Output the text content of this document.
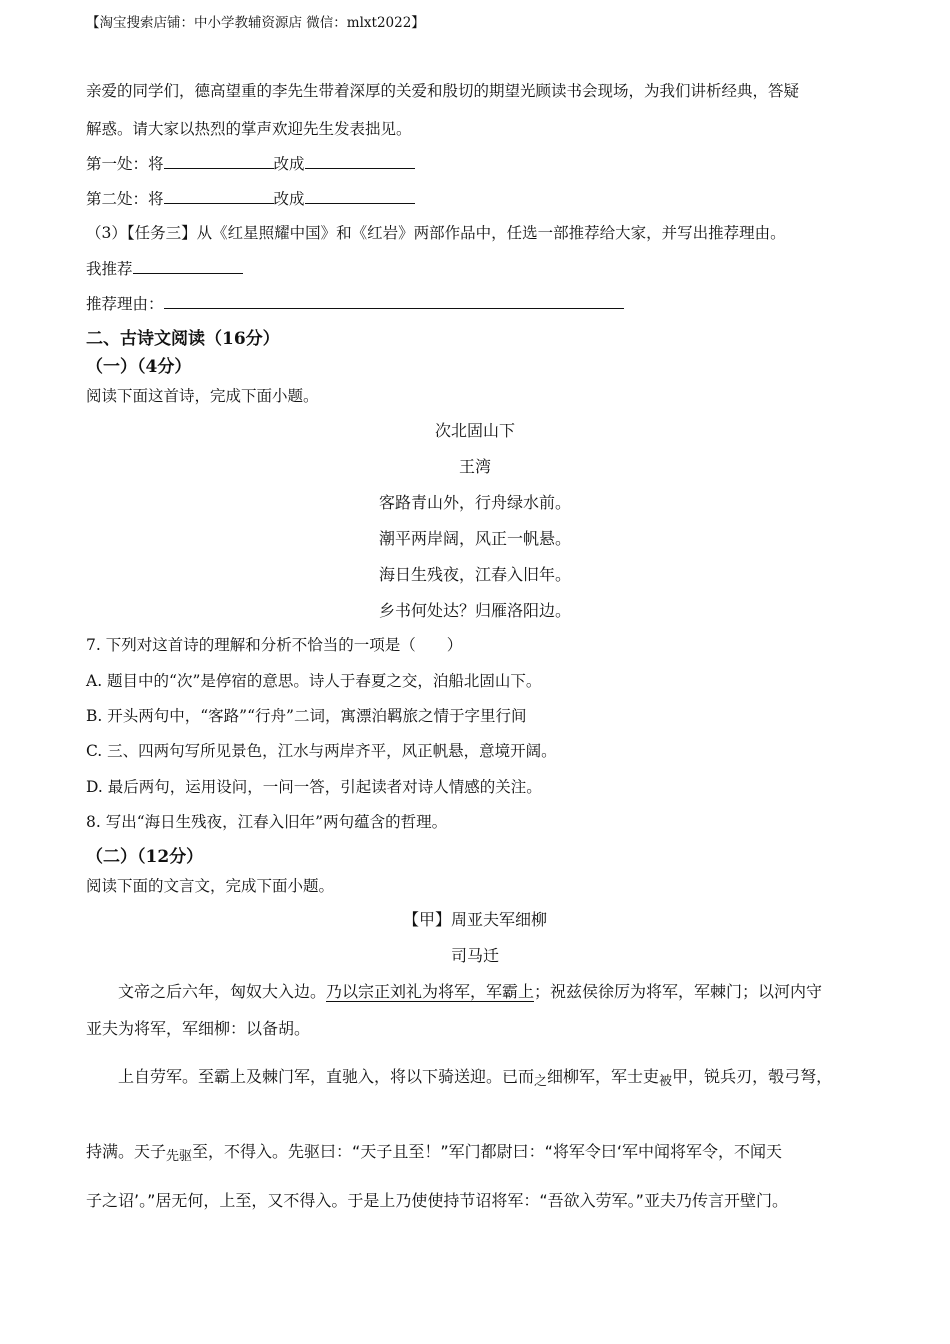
【淘宝搜索店铺：中小学教辅资源店 微信：mlxt2022】
亲爱的同学们，德高望重的李先生带着深厚的关爱和殷切的期望光顾读书会现场，为我们讲析经典，答疑
解惑。请大家以热烈的掌声欢迎先生发表拙见。
第一处：将	改成
第二处：将	改成
（3）【任务三】从《红星照耀中国》和《红岩》两部作品中，任选一部推荐给大家，并写出推荐理由。
我推荐
推荐理由：
二、古诗文阅读（16分）
（一）（4分）
阅读下面这首诗，完成下面小题。
次北固山下
王湾
客路青山外，行舟绿水前。
潮平两岸阔，风正一帆悬。
海日生残夜，江春入旧年。
乡书何处达？归雁洛阳边。
7. 下列对这首诗的理解和分析不恰当的一项是（　　）
A. 题目中的“次”是停宿的意思。诗人于春夏之交，泊船北固山下。
B. 开头两句中，“客路”“行舟”二词，寓漂泊羁旅之情于字里行间
C. 三、四两句写所见景色，江水与两岸齐平，风正帆悬，意境开阔。
D. 最后两句，运用设问，一问一答，引起读者对诗人情感的关注。
8. 写出“海日生残夜，江春入旧年”两句蕴含的哲理。
（二）（12分）
阅读下面的文言文，完成下面小题。
【甲】周亚夫军细柳
司马迁
文帝之后六年，匈奴大入边。乃以宗正刘礼为将军，军霸上；祝兹侯徐厉为将军，军棘门；以河内守
亚夫为将军，军细柳：以备胡。
上自劳军。至霸上及棘门军，直驰入，将以下骑送迎。已而之细柳军，军士吏被甲，锐兵刃，彀弓弩，
持满。天子先驱至，不得入。先驱曰：“天子且至！”军门都尉曰：“将军令曰‘军中闻将军令，不闻天
子之诏’。”居无何，上至，又不得入。于是上乃使使持节诏将军：“吾欲入劳军。”亚夫乃传言开壁门。
